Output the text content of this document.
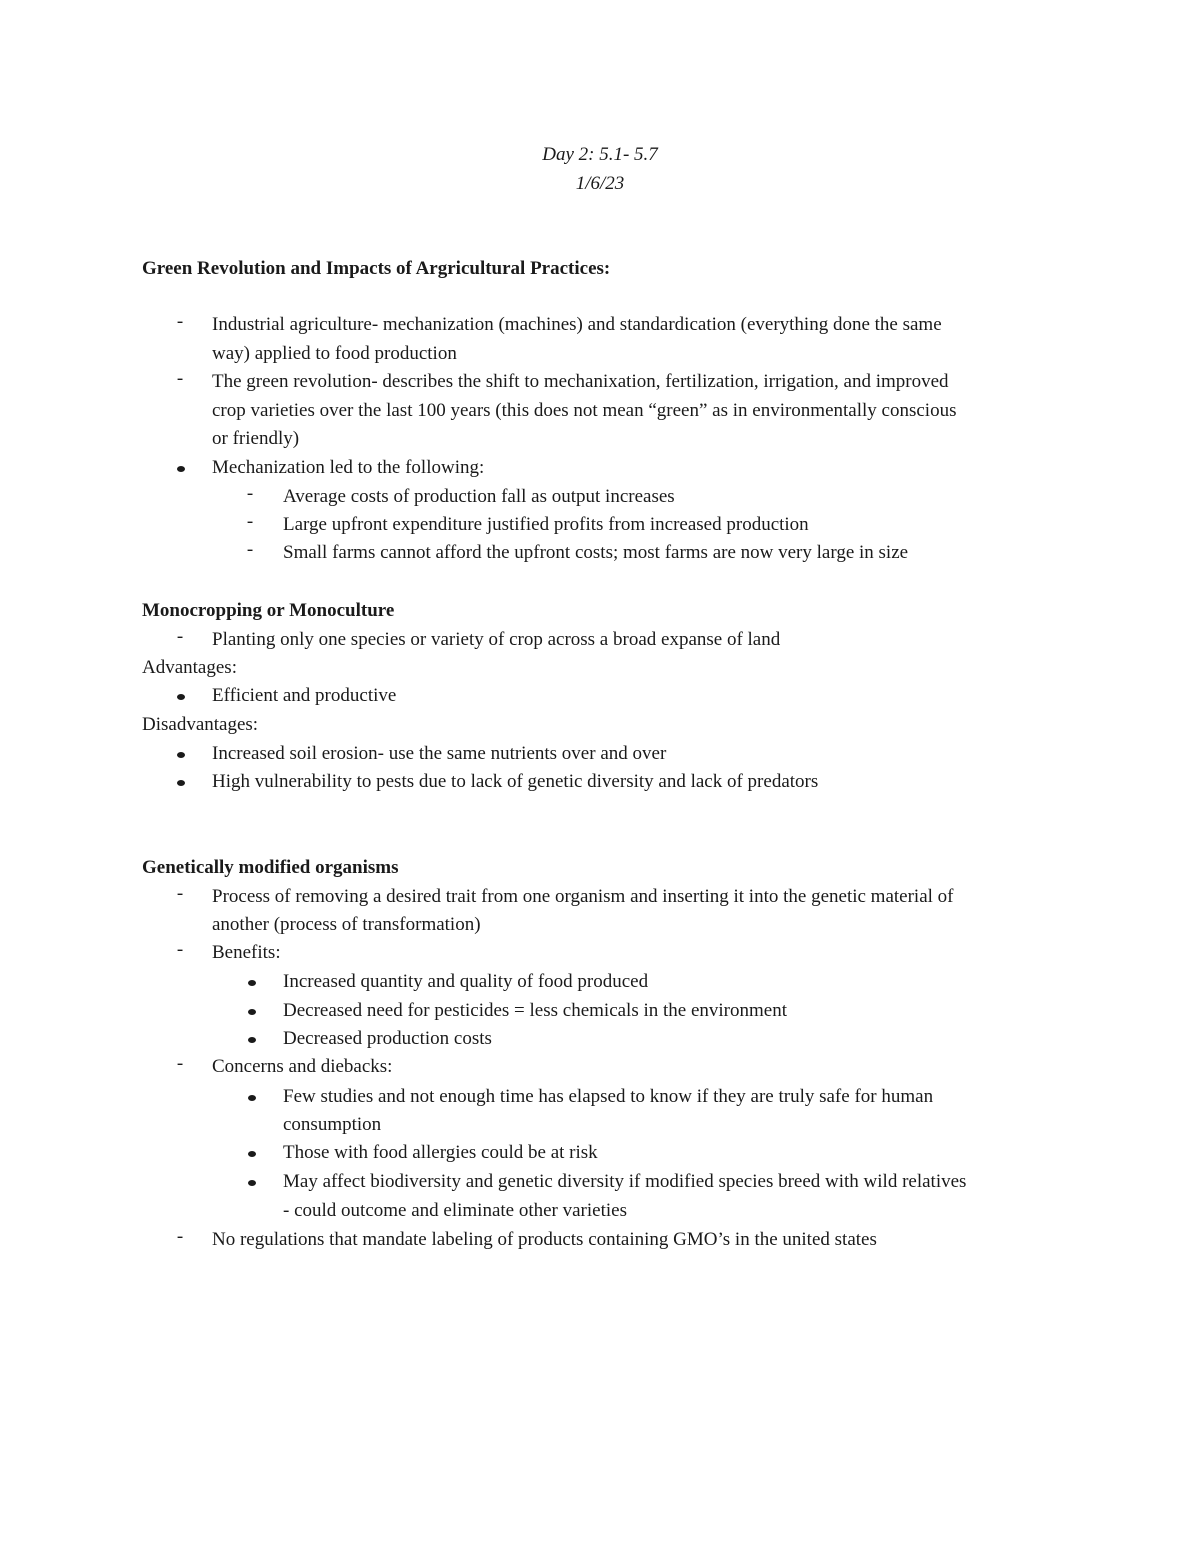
Day 2: 5.1- 5.7
1/6/23
Green Revolution and Impacts of Argricultural Practices:
- Industrial agriculture- mechanization (machines) and standardication (everything done the same
way) applied to food production
- The green revolution- describes the shift to mechanixation, fertilization, irrigation, and improved
crop varieties over the last 100 years (this does not mean “green” as in environmentally conscious
or friendly)
Mechanization led to the following:
- Average costs of production fall as output increases
- Large upfront expenditure justified profits from increased production
- Small farms cannot afford the upfront costs; most farms are now very large in size
Monocropping or Monoculture
- Planting only one species or variety of crop across a broad expanse of land
Advantages:
Efficient and productive
Disadvantages:
Increased soil erosion- use the same nutrients over and over
High vulnerability to pests due to lack of genetic diversity and lack of predators
Genetically modified organisms
- Process of removing a desired trait from one organism and inserting it into the genetic material of
another (process of transformation)
- Benefits:
Increased quantity and quality of food produced
Decreased need for pesticides = less chemicals in the environment
Decreased production costs
- Concerns and diebacks:
Few studies and not enough time has elapsed to know if they are truly safe for human
consumption
Those with food allergies could be at risk
May affect biodiversity and genetic diversity if modified species breed with wild relatives
- could outcome and eliminate other varieties
- No regulations that mandate labeling of products containing GMO’s in the united states
